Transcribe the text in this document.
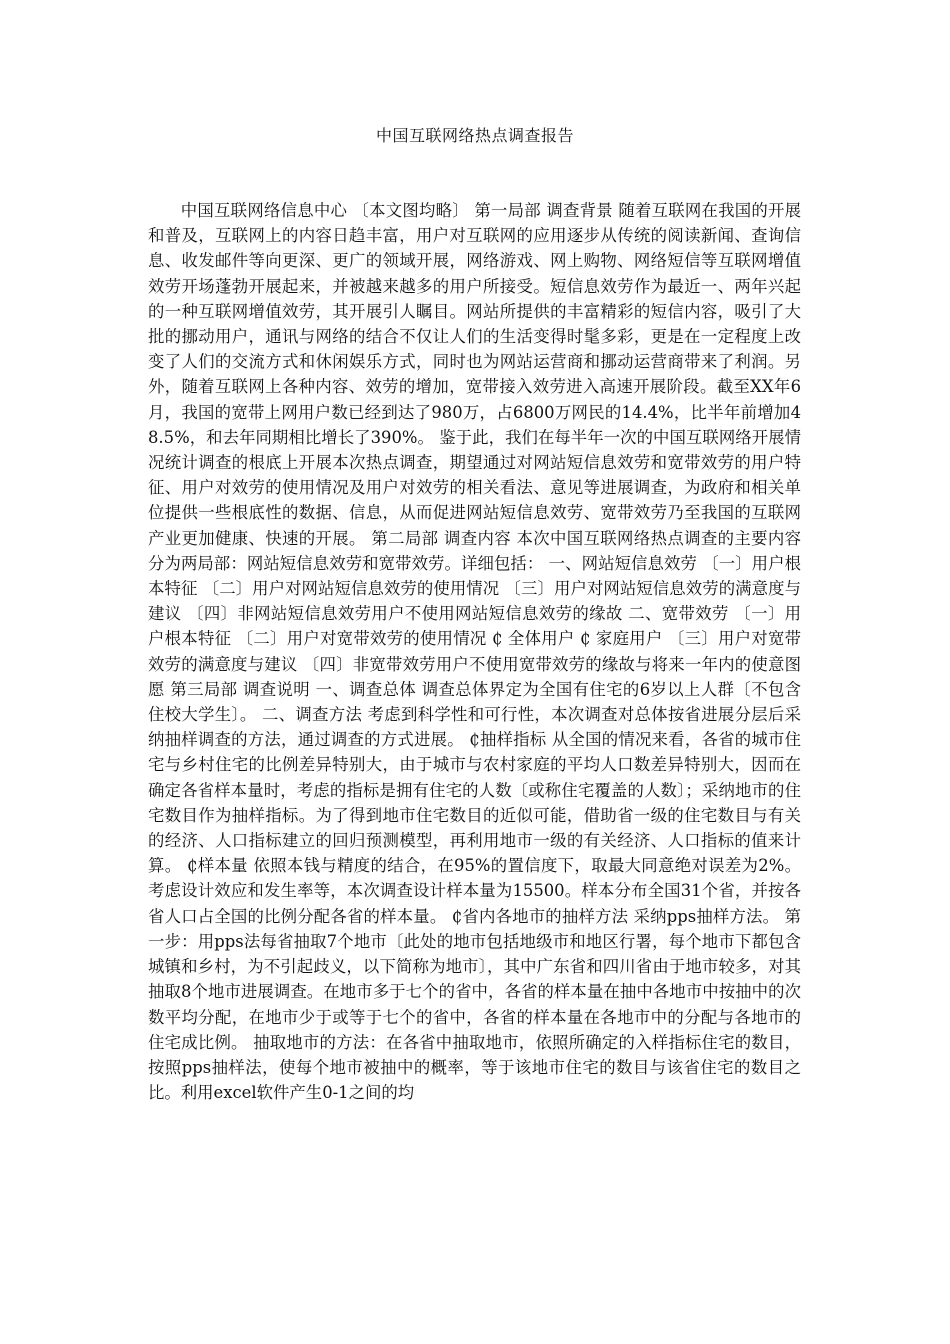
中国互联网络热点调查报告

中国互联网络信息中心 〔本文图均略〕 第一局部 调查背景 随着互联网在我国的开展和普及，互联网上的内容日趋丰富，用户对互联网的应用逐步从传统的阅读新闻、查询信息、收发邮件等向更深、更广的领域开展，网络游戏、网上购物、网络短信等互联网增值效劳开场蓬勃开展起来，并被越来越多的用户所接受。短信息效劳作为最近一、两年兴起的一种互联网增值效劳，其开展引人瞩目。网站所提供的丰富精彩的短信内容，吸引了大批的挪动用户，通讯与网络的结合不仅让人们的生活变得时髦多彩，更是在一定程度上改变了人们的交流方式和休闲娱乐方式，同时也为网站运营商和挪动运营商带来了利润。另外，随着互联网上各种内容、效劳的增加，宽带接入效劳进入高速开展阶段。截至XX年6月，我国的宽带上网用户数已经到达了980万，占6800万网民的14.4%，比半年前增加48.5%，和去年同期相比增长了390%。 鉴于此，我们在每半年一次的中国互联网络开展情况统计调查的根底上开展本次热点调查，期望通过对网站短信息效劳和宽带效劳的用户特征、用户对效劳的使用情况及用户对效劳的相关看法、意见等进展调查，为政府和相关单位提供一些根底性的数据、信息，从而促进网站短信息效劳、宽带效劳乃至我国的互联网产业更加健康、快速的开展。 第二局部 调查内容 本次中国互联网络热点调查的主要内容分为两局部：网站短信息效劳和宽带效劳。详细包括： 一、网站短信息效劳 〔一〕用户根本特征 〔二〕用户对网站短信息效劳的使用情况 〔三〕用户对网站短信息效劳的满意度与建议 〔四〕非网站短信息效劳用户不使用网站短信息效劳的缘故 二、宽带效劳 〔一〕用户根本特征 〔二〕用户对宽带效劳的使用情况 ₵ 全体用户 ₵ 家庭用户 〔三〕用户对宽带效劳的满意度与建议 〔四〕非宽带效劳用户不使用宽带效劳的缘故与将来一年内的使意图愿 第三局部 调查说明 一、调查总体 调查总体界定为全国有住宅的6岁以上人群〔不包含住校大学生〕。 二、调查方法 考虑到科学性和可行性，本次调查对总体按省进展分层后采纳抽样调查的方法，通过调查的方式进展。 ₵抽样指标 从全国的情况来看，各省的城市住宅与乡村住宅的比例差异特别大，由于城市与农村家庭的平均人口数差异特别大，因而在确定各省样本量时，考虑的指标是拥有住宅的人数〔或称住宅覆盖的人数〕；采纳地市的住宅数目作为抽样指标。为了得到地市住宅数目的近似可能，借助省一级的住宅数目与有关的经济、人口指标建立的回归预测模型，再利用地市一级的有关经济、人口指标的值来计算。 ₵样本量 依照本钱与精度的结合，在95%的置信度下，取最大同意绝对误差为2%。考虑设计效应和发生率等，本次调查设计样本量为15500。样本分布全国31个省，并按各省人口占全国的比例分配各省的样本量。 ₵省内各地市的抽样方法 采纳pps抽样方法。 第一步：用pps法每省抽取7个地市〔此处的地市包括地级市和地区行署，每个地市下都包含城镇和乡村，为不引起歧义，以下简称为地市〕，其中广东省和四川省由于地市较多，对其抽取8个地市进展调查。在地市多于七个的省中，各省的样本量在抽中各地市中按抽中的次数平均分配，在地市少于或等于七个的省中，各省的样本量在各地市中的分配与各地市的住宅成比例。 抽取地市的方法：在各省中抽取地市，依照所确定的入样指标住宅的数目，按照pps抽样法，使每个地市被抽中的概率，等于该地市住宅的数目与该省住宅的数目之比。利用excel软件产生0-1之间的均
